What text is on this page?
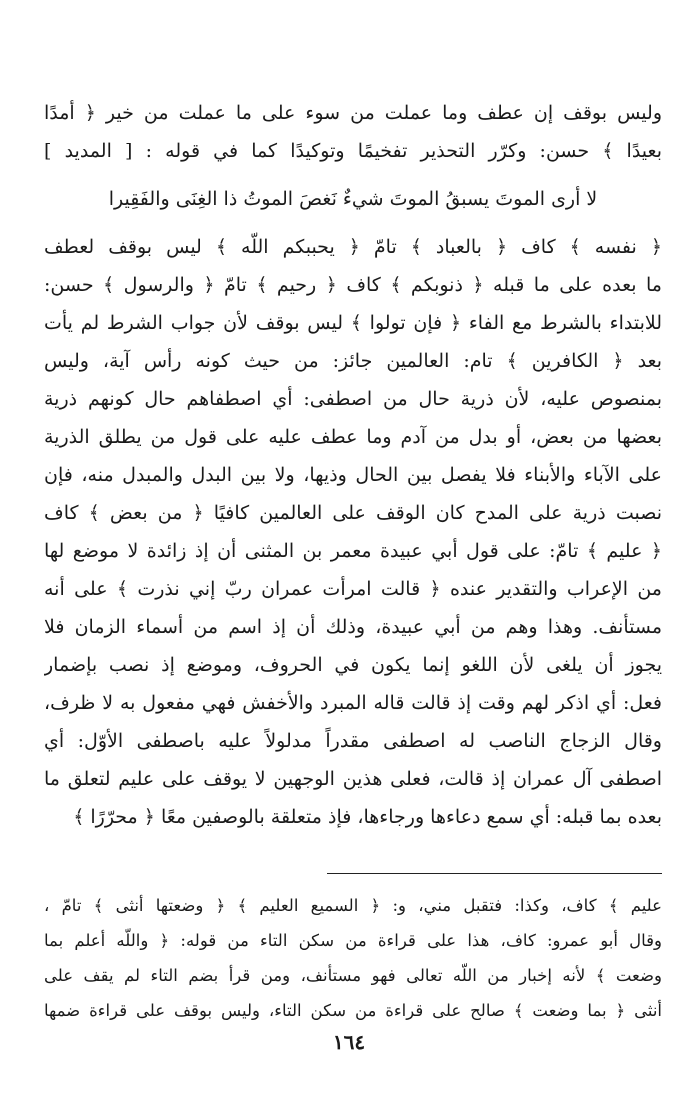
وليس بوقف إن عطف وما عملت من سوء على ما عملت من خير ﴿ أمدًا
بعيدًا ﴾ حسن: وكرّر التحذير تفخيمًا وتوكيدًا كما في قوله : [ المديد ]
لا أرى الموتَ يسبقُ الموتَ شيءٌ نَغصَ الموتُ ذا الغِنَى والفَقِيرا
﴿ نفسه ﴾ كاف ﴿ بالعباد ﴾ تامّ ﴿ يحببكم اللّه ﴾ ليس بوقف لعطف
ما بعده على ما قبله ﴿ ذنوبكم ﴾ كاف ﴿ رحيم ﴾ تامّ ﴿ والرسول ﴾ حسن:
للابتداء بالشرط مع الفاء ﴿ فإن تولوا ﴾ ليس بوقف لأن جواب الشرط لم يأت
بعد ﴿ الكافرين ﴾ تام: العالمين جائز: من حيث كونه رأس آية، وليس
بمنصوص عليه، لأن ذرية حال من اصطفى: أي اصطفاهم حال كونهم ذرية
بعضها من بعض، أو بدل من آدم وما عطف عليه على قول من يطلق الذرية
على الآباء والأبناء فلا يفصل بين الحال وذيها، ولا بين البدل والمبدل منه، فإن
نصبت ذرية على المدح كان الوقف على العالمين كافيًا ﴿ من بعض ﴾ كاف
﴿ عليم ﴾ تامّ: على قول أبي عبيدة معمر بن المثنى أن إذ زائدة لا موضع لها
من الإعراب والتقدير عنده ﴿ قالت امرأت عمران ربّ إني نذرت ﴾ على أنه
مستأنف. وهذا وهم من أبي عبيدة، وذلك أن إذ اسم من أسماء الزمان فلا
يجوز أن يلغى لأن اللغو إنما يكون في الحروف، وموضع إذ نصب بإضمار
فعل: أي اذكر لهم وقت إذ قالت قاله المبرد والأخفش فهي مفعول به لا ظرف،
وقال الزجاج الناصب له اصطفى مقدراً مدلولاً عليه باصطفى الأوّل: أي
اصطفى آل عمران إذ قالت، فعلى هذين الوجهين لا يوقف على عليم لتعلق ما
بعده بما قبله: أي سمع دعاءها ورجاءها، فإذ متعلقة بالوصفين معًا ﴿ محرّرًا ﴾
عليم ﴾ كاف، وكذا: فتقبل مني، و: ﴿ السميع العليم ﴾ ﴿ وضعتها أنثى ﴾ تامّ ،
وقال أبو عمرو: كاف، هذا على قراءة من سكن التاء من قوله: ﴿ واللّه أعلم بما
وضعت ﴾ لأنه إخبار من اللّه تعالى فهو مستأنف، ومن قرأ بضم التاء لم يقف على
أنثى ﴿ بما وضعت ﴾ صالح على قراءة من سكن التاء، وليس بوقف على قراءة ضمها
١٦٤
